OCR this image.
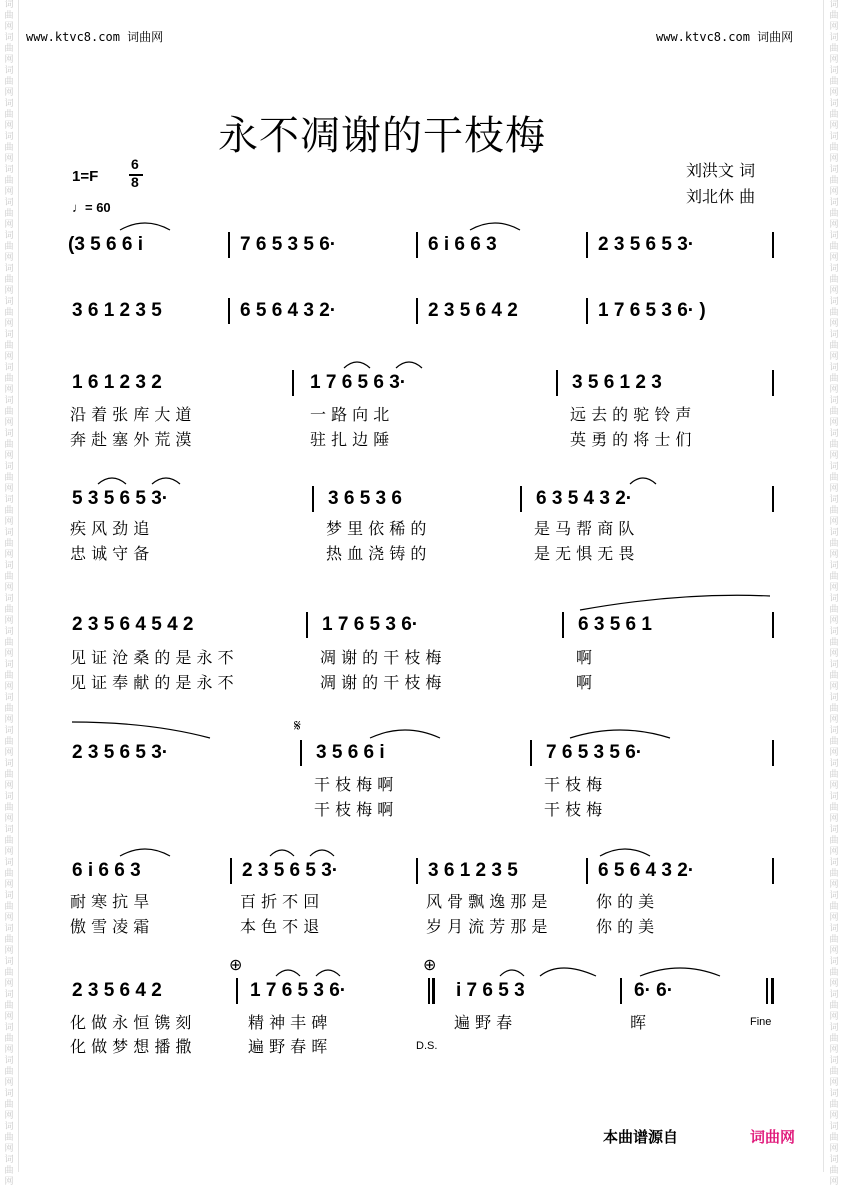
词曲网词曲网词曲网词曲网词曲网词曲网词曲网词曲网词曲网词曲网词曲网词曲网词曲网词曲网词曲网词曲网词曲网词曲网词曲网词曲网词曲网词曲网词曲网词曲网词曲网词曲网词曲网词曲网词曲网词曲网词曲网词曲网词曲网词曲网词曲网词曲网
词曲网词曲网词曲网词曲网词曲网词曲网词曲网词曲网词曲网词曲网词曲网词曲网词曲网词曲网词曲网词曲网词曲网词曲网词曲网词曲网词曲网词曲网词曲网词曲网词曲网词曲网词曲网词曲网词曲网词曲网词曲网词曲网词曲网词曲网词曲网词曲网
www.ktvc8.com 词曲网	www.ktvc8.com 词曲网
永不凋谢的干枝梅
刘洪文 词
刘北休 曲
1=F
6
8
♩= 60
(3 5 6 6 i	7 6 5 3 5 6·	6 i 6 6 3	2 3 5 6 5 3·
3 6 1 2 3 5	6 5 6 4 3 2·	2 3 5 6 4 2	1 7 6 5 3 6· )
1 6 1 2 3 2	1 7 6 5 6 3·	3 5 6 1 2 3
沿 着 张 库 大 道	一 路 向 北	远 去 的 驼 铃 声
奔 赴 塞 外 荒 漠	驻 扎 边 陲	英 勇 的 将 士 们
5 3 5 6 5 3·	3 6 5 3 6	6 3 5 4 3 2·
疾 风 劲 追	梦 里 依 稀 的	是 马 帮 商 队
忠 诚 守 备	热 血 浇 铸 的	是 无 惧 无 畏
2 3 5 6 4 5 4 2	1 7 6 5 3 6·	6 3 5 6 1
见 证 沧 桑 的 是 永 不	凋 谢 的 干 枝 梅	啊
见 证 奉 献 的 是 永 不	凋 谢 的 干 枝 梅	啊
𝄋
2 3 5 6 5 3·	3 5 6 6 i	7 6 5 3 5 6·
干 枝 梅 啊	干 枝 梅
干 枝 梅 啊	干 枝 梅
6 i 6 6 3	2 3 5 6 5 3·	3 6 1 2 3 5	6 5 6 4 3 2·
耐 寒 抗 旱	百 折 不 回	风 骨 飘 逸 那 是	你 的 美
傲 雪 凌 霜	本 色 不 退	岁 月 流 芳 那 是	你 的 美
⊕	⊕
2 3 5 6 4 2	1 7 6 5 3 6·	i 7 6 5 3	6· 6·
化 做 永 恒 镌 刻	精 神 丰 碑	遍 野 春	晖
化 做 梦 想 播 撒	遍 野 春 晖
Fine
D.S.
本曲谱源自	词曲网
